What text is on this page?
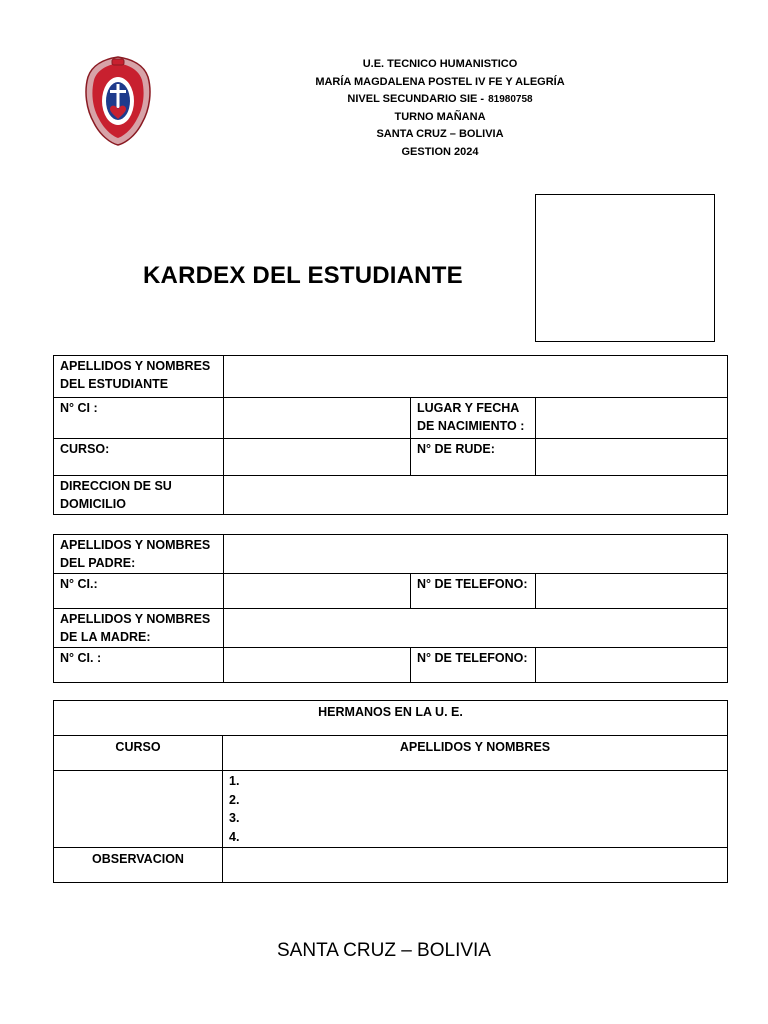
U.E. TECNICO HUMANISTICO
MARÍA MAGDALENA POSTEL IV FE Y ALEGRÍA
NIVEL SECUNDARIO SIE - 81980758
TURNO MAÑANA
SANTA CRUZ – BOLIVIA
GESTION 2024
KARDEX DEL ESTUDIANTE
APELLIDOS Y NOMBRES DEL ESTUDIANTE			
N° CI :		LUGAR Y FECHA DE NACIMIENTO :	
CURSO:		N° DE RUDE:	
DIRECCION DE SU DOMICILIO			
APELLIDOS Y NOMBRES DEL PADRE:			
N° CI.:		N° DE TELEFONO:	
APELLIDOS Y NOMBRES DE LA MADRE:			
N° CI. :		N° DE TELEFONO:	
HERMANOS EN LA U. E.	
CURSO	APELLIDOS Y NOMBRES

	1.
2.
3.
4.

OBSERVACION	
SANTA CRUZ – BOLIVIA
